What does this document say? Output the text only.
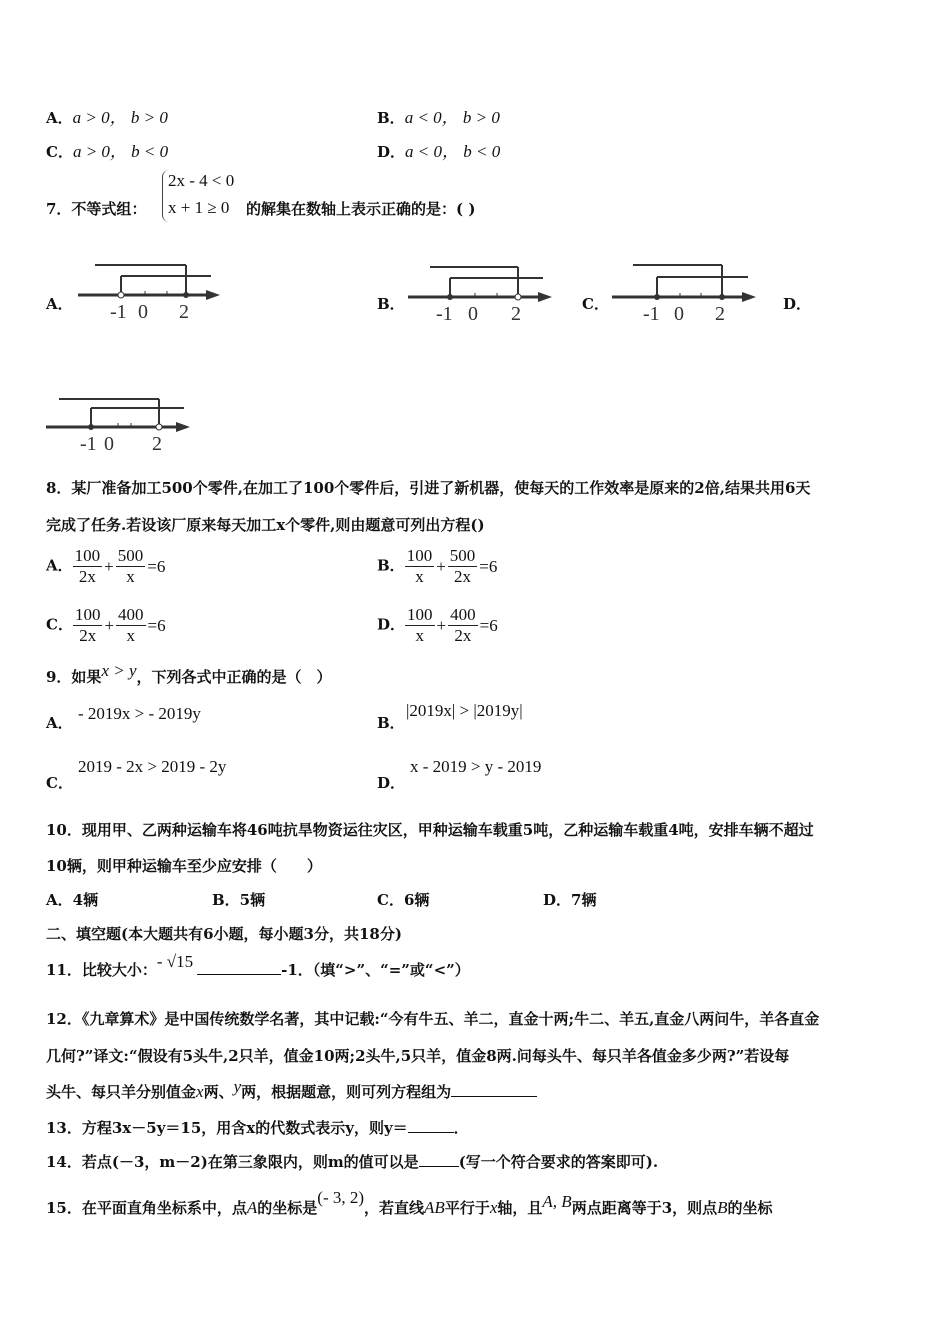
A．a > 0， b > 0	B．a < 0， b > 0
C．a > 0， b < 0	D．a < 0， b < 0
7．不等式组：
2x - 4 < 0
x + 1 ≥ 0 的解集在数轴上表示正确的是：( )
A． -1 0 2	B． -1 0 2	C． -1 0 2	D．
-1 0 2
8．某厂准备加工500个零件,在加工了100个零件后，引进了新机器，使每天的工作效率是原来的2倍,结果共用6天
完成了任务.若设该厂原来每天加工x个零件,则由题意可列出方程()
A． $\frac{100}{2x} + \frac{500}{x} =6$	B． $\frac{100}{x} + \frac{500}{2x} =6$
C． $\frac{100}{2x} + \frac{400}{x} =6$	D． $\frac{100}{x} + \frac{400}{2x} =6$
9．如果x > y，下列各式中正确的是（　）
A． - 2019x > - 2019y	B．
|2019x| > |2019y|
C．
2019 - 2x > 2019 - 2y
D．
x - 2019 > y - 2019
10．现用甲、乙两种运输车将46吨抗旱物资运往灾区，甲种运输车载重5吨，乙种运输车载重4吨，安排车辆不超过
10辆，则甲种运输车至少应安排（　　）
A．4辆	B．5辆	C．6辆	D．7辆
二、填空题(本大题共有6小题，每小题3分，共18分)
11．比较大小：- √15	-1．（填“>”、“=”或“<”）
12．《九章算术》是中国传统数学名著，其中记载:“今有牛五、羊二，直金十两;牛二、羊五,直金八两问牛，羊各直金
几何?”译文:“假设有5头牛,2只羊，值金10两;2头牛,5只羊，值金8两.问每头牛、每只羊各值金多少两?”若设每
头牛、每只羊分别值金x两、y两，根据题意，则可列方程组为
13．方程3x－5y＝15，用含x的代数式表示y，则y＝	．
14．若点(－3，m－2)在第三象限内，则m的值可以是	(写一个符合要求的答案即可).
15．在平面直角坐标系中，点A的坐标是(- 3, 2)，若直线AB平行于x轴，且A, B两点距离等于3，则点B的坐标
